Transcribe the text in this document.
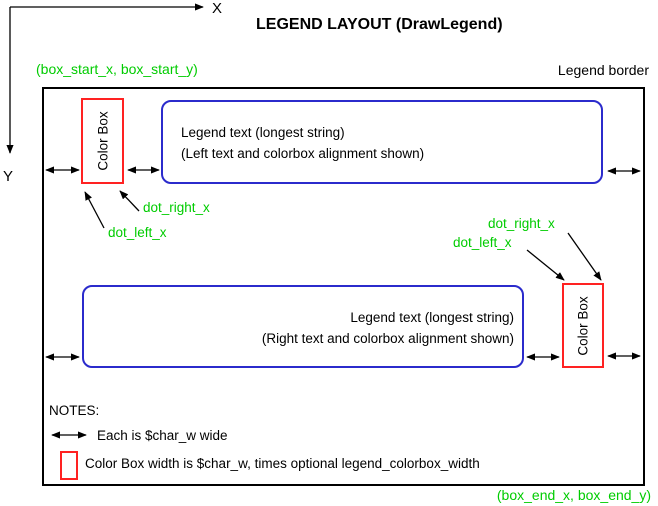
LEGEND LAYOUT (DrawLegend)
X
Y
(box_start_x, box_start_y)
(box_end_x, box_end_y)
Legend border
Color Box	Legend text (longest string)
(Left text and colorbox alignment shown)
dot_right_x
dot_left_x
dot_right_x
dot_left_x
Legend text (longest string)
(Right text and colorbox alignment shown)	Color Box
NOTES:
Each is $char_w wide
Color Box width is $char_w, times optional legend_colorbox_width
